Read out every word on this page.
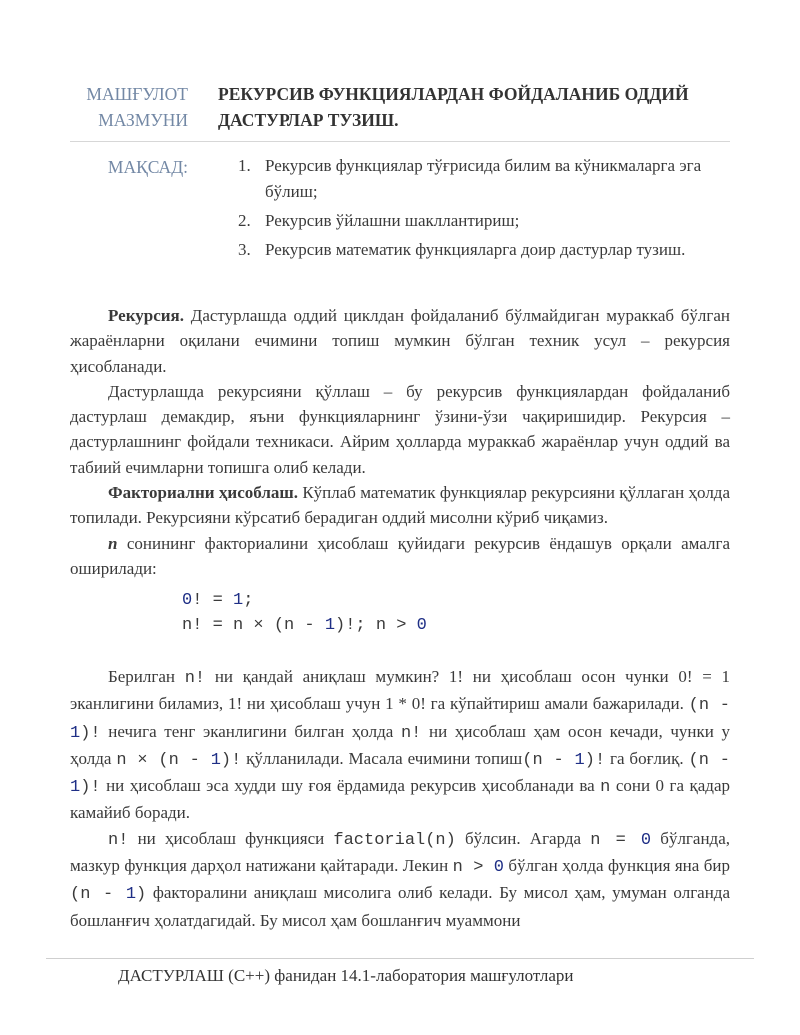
МАШҒУЛОТ
МАЗМУНИ
РЕКУРСИВ ФУНКЦИЯЛАРДАН ФОЙДАЛАНИБ ОДДИЙ
ДАСТУРЛАР ТУЗИШ.
МАҚСАД:	1. Рекурсив функциялар тўғрисида билим ва кўникмаларга эга бўлиш;
2. Рекурсив ўйлашни шакллантириш;
3. Рекурсив математик функцияларга доир дастурлар тузиш.

Рекурсия. Дастурлашда оддий циклдан фойдаланиб бўлмайдиган мураккаб бўлган жараёнларни оқилани ечимини топиш мумкин бўлган техник усул – рекурсия ҳисобланади.

Дастурлашда рекурсияни қўллаш – бу рекурсив функциялардан фойдаланиб дастурлаш демакдир, яъни функцияларнинг ўзини-ўзи чақиришидир. Рекурсия – дастурлашнинг фойдали техникаси. Айрим ҳолларда мураккаб жараёнлар учун оддий ва табиий ечимларни топишга олиб келади.

Факториални ҳисоблаш. Кўплаб математик функциялар рекурсияни қўллаган ҳолда топилади. Рекурсияни кўрсатиб берадиган оддий мисолни кўриб чиқамиз.

n сонининг факториалини ҳисоблаш қуйидаги рекурсив ёндашув орқали амалга оширилади:

0! = 1;
n! = n × (n - 1)!; n > 0

Берилган n! ни қандай аниқлаш мумкин? 1! ни ҳисоблаш осон чунки 0! = 1 эканлигини биламиз, 1! ни ҳисоблаш учун 1 * 0! га кўпайтириш амали бажарилади. (n - 1)! нечига тенг эканлигини билган ҳолда n! ни ҳисоблаш ҳам осон кечади, чунки у ҳолда n × (n - 1)! қўлланилади. Масала ечимини топиш(n - 1)! га боғлиқ. (n - 1)! ни ҳисоблаш эса худди шу ғоя ёрдамида рекурсив ҳисобланади ва n сони 0 га қадар камайиб боради.

n! ни ҳисоблаш функцияси factorial(n) бўлсин. Агарда n = 0 бўлганда, мазкур функция дарҳол натижани қайтаради. Лекин n > 0 бўлган ҳолда функция яна бир (n - 1) факторалини аниқлаш мисолига олиб келади. Бу мисол ҳам, умуман олганда бошланғич ҳолатдагидай. Бу мисол ҳам бошланғич муаммони

ДАСТУРЛАШ (C++) фанидан 14.1-лаборатория машғулотлари
